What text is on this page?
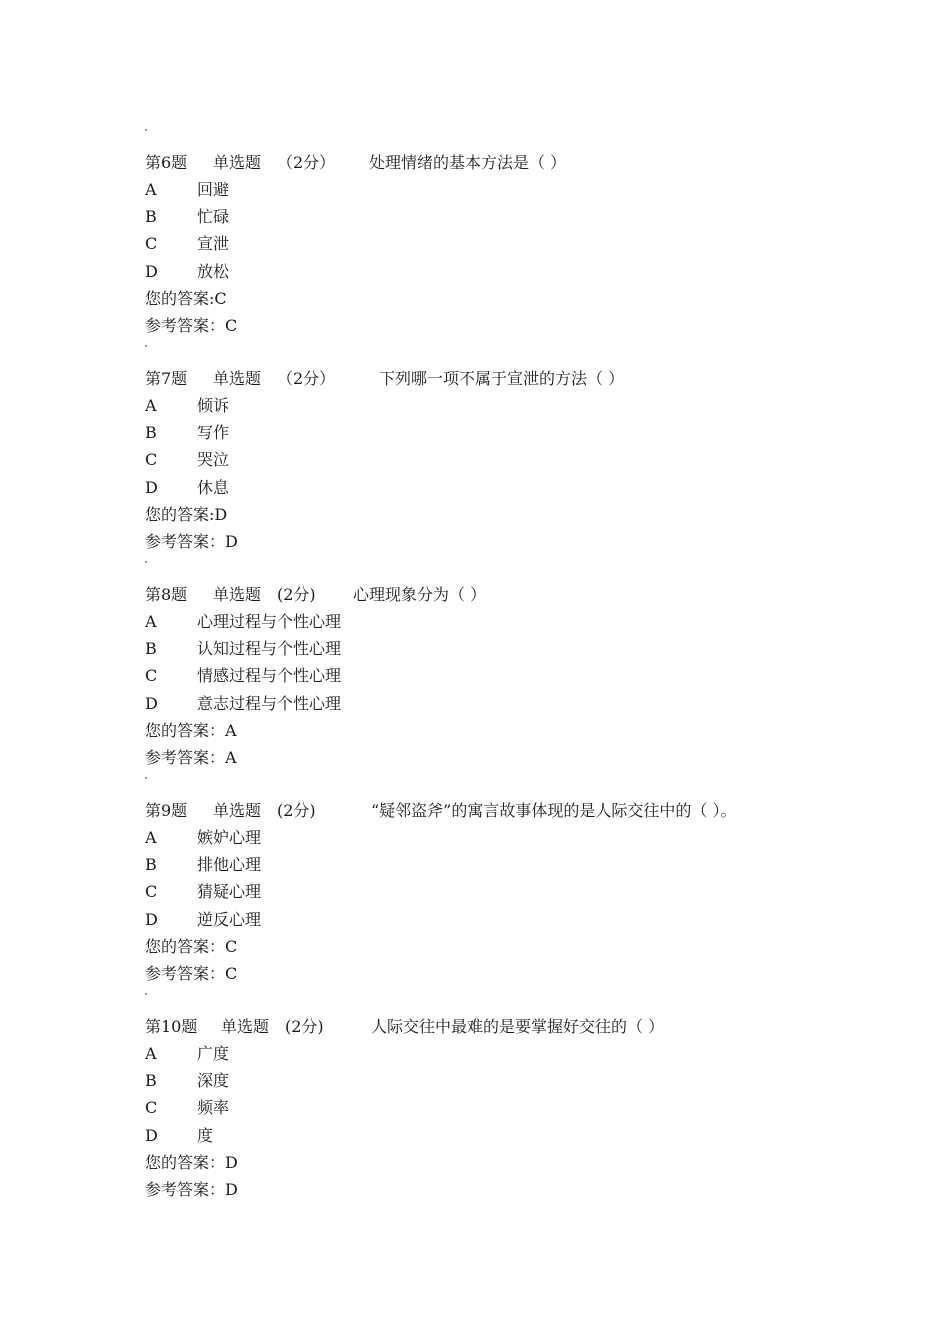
第6题	单选题 （2分）	处理情绪的基本方法是（ ）
A	回避
B	忙碌
C	宣泄
D	放松
您的答案:C
参考答案：C
第7题	单选题 （2分）	下列哪一项不属于宣泄的方法（ ）
A	倾诉
B	写作
C	哭泣
D	休息
您的答案:D
参考答案：D
第8题	单选题 (2分)	心理现象分为（ ）
A	心理过程与个性心理
B	认知过程与个性心理
C	情感过程与个性心理
D	意志过程与个性心理
您的答案：A
参考答案：A
第9题	单选题 (2分)	“疑邻盗斧”的寓言故事体现的是人际交往中的（ ）。
A	嫉妒心理
B	排他心理
C	猜疑心理
D	逆反心理
您的答案：C
参考答案：C
第10题	单选题 (2分)	人际交往中最难的是要掌握好交往的（ ）
A	广度
B	深度
C	频率
D	度
您的答案：D
参考答案：D
